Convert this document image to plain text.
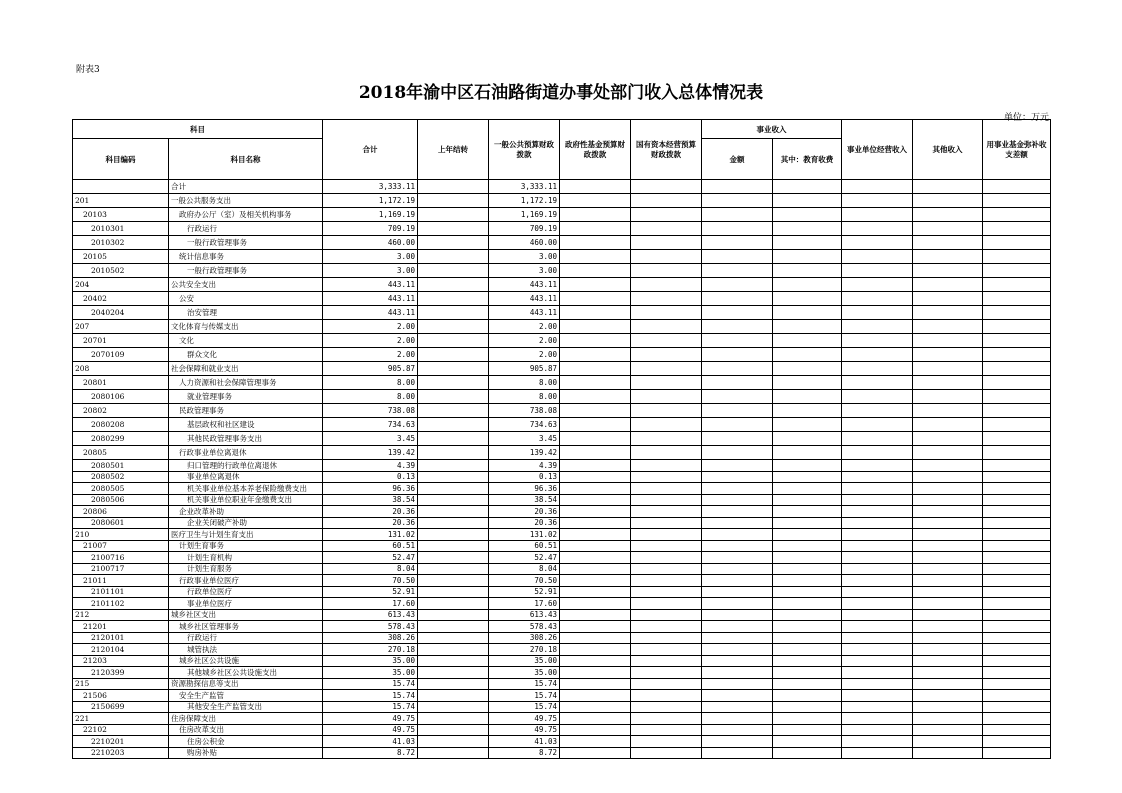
附表3
2018年渝中区石油路街道办事处部门收入总体情况表
单位：万元
科目		合计	上年结转	一般公共预算财政拨款	政府性基金预算财政拨款	国有资本经营预算财政拨款	事业收入		事业单位经营收入	其他收入	用事业基金弥补收支差额
科目编码	科目名称						金额	其中：教育收费			
	合计	3,333.11		3,333.11							
201	一般公共服务支出	1,172.19		1,172.19							
20103	政府办公厅（室）及相关机构事务	1,169.19		1,169.19							
2010301	行政运行	709.19		709.19							
2010302	一般行政管理事务	460.00		460.00							
20105	统计信息事务	3.00		3.00							
2010502	一般行政管理事务	3.00		3.00							
204	公共安全支出	443.11		443.11							
20402	公安	443.11		443.11							
2040204	治安管理	443.11		443.11							
207	文化体育与传媒支出	2.00		2.00							
20701	文化	2.00		2.00							
2070109	群众文化	2.00		2.00							
208	社会保障和就业支出	905.87		905.87							
20801	人力资源和社会保障管理事务	8.00		8.00							
2080106	就业管理事务	8.00		8.00							
20802	民政管理事务	738.08		738.08							
2080208	基层政权和社区建设	734.63		734.63							
2080299	其他民政管理事务支出	3.45		3.45							
20805	行政事业单位离退休	139.42		139.42							
2080501	归口管理的行政单位离退休	4.39		4.39							
2080502	事业单位离退休	0.13		0.13							
2080505	机关事业单位基本养老保险缴费支出	96.36		96.36							
2080506	机关事业单位职业年金缴费支出	38.54		38.54							
20806	企业改革补助	20.36		20.36							
2080601	企业关闭破产补助	20.36		20.36							
210	医疗卫生与计划生育支出	131.02		131.02							
21007	计划生育事务	60.51		60.51							
2100716	计划生育机构	52.47		52.47							
2100717	计划生育服务	8.04		8.04							
21011	行政事业单位医疗	70.50		70.50							
2101101	行政单位医疗	52.91		52.91							
2101102	事业单位医疗	17.60		17.60							
212	城乡社区支出	613.43		613.43							
21201	城乡社区管理事务	578.43		578.43							
2120101	行政运行	308.26		308.26							
2120104	城管执法	270.18		270.18							
21203	城乡社区公共设施	35.00		35.00							
2120399	其他城乡社区公共设施支出	35.00		35.00							
215	资源勘探信息等支出	15.74		15.74							
21506	安全生产监管	15.74		15.74							
2150699	其他安全生产监管支出	15.74		15.74							
221	住房保障支出	49.75		49.75							
22102	住房改革支出	49.75		49.75							
2210201	住房公积金	41.03		41.03							
2210203	购房补贴	8.72		8.72							
